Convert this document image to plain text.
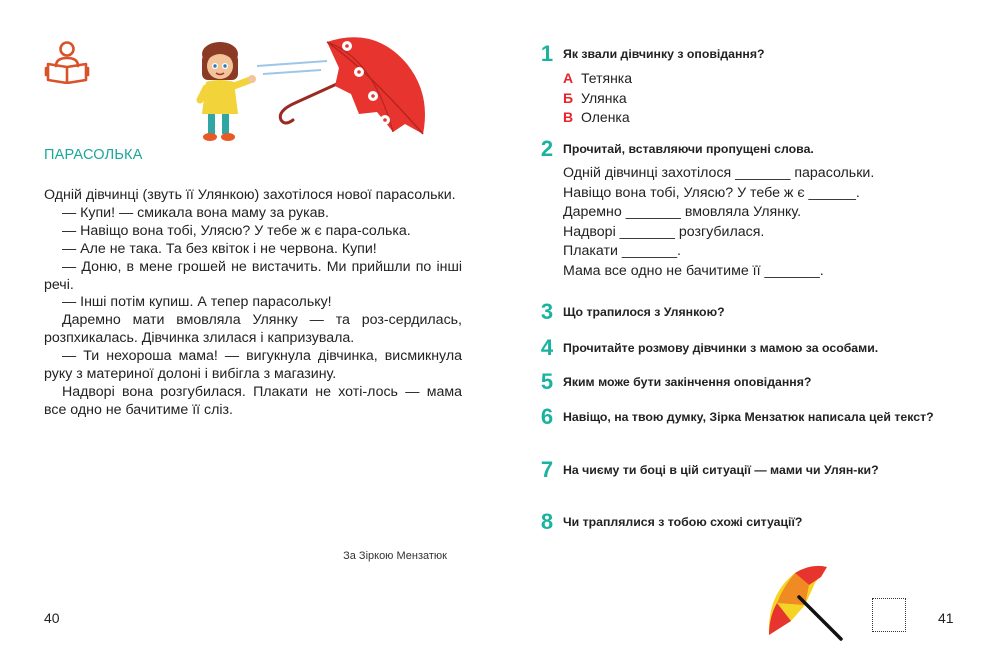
ПАРАСОЛЬКА

Одній дівчинці (звуть її Улянкою) захотілося нової парасольки.

— Купи! — смикала вона маму за рукав.

— Навіщо вона тобі, Уляcю? У тебе ж є пара-сoлька.

— Але не така. Та без квіток і не червона. Купи!

— Доню, в мене грошей не вистачить. Ми прийшли по інші речі.

— Інші потім купиш. А тепер парасольку!

Даремно мати вмовляла Улянку — та роз-сердилась, розпхикалась. Дівчинка злилася і капризувала.

— Ти нехороша мама! — вигукнула дівчинка, висмикнула руку з материної долоні і вибігла з магазину.

Надворі вона розгубилася. Плакати не хоті-лось — мама все одно не бачитиме її сліз.

За Зіркою Мензатюк
40
1 Як звали дівчинку з оповідання?
А Тетянка
Б Улянка
В Оленка
2 Прочитай, вставляючи пропущені слова.

Одній дівчинці захотілося _______ парасольки.

Навіщо вона тобі, Уляcю? У тебе ж є ______.

Даремно _______ вмовляла Улянку.

Надворі _______ розгубилася.

Плакати _______.

Мама все одно не бачитиме її _______.

3 Що трапилося з Улянкою?
4 Прочитайте розмову дівчинки з мамою за особами.
5 Яким може бути закінчення оповідання?
6 Навіщо, на твою думку, Зірка Мензатюк написала цей текст?
7 На чиєму ти боці в цій ситуації — мами чи Улян-ки?
8 Чи траплялися з тобою схожі ситуації?
41
